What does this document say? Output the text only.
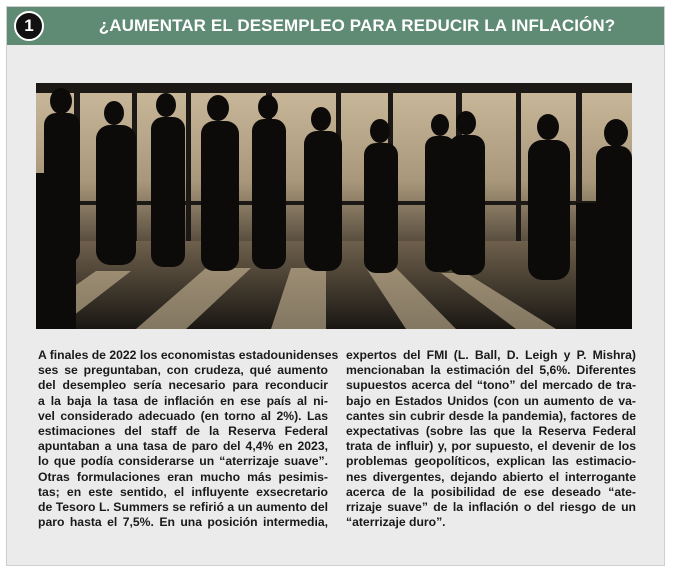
1	¿AUMENTAR EL DESEMPLEO PARA REDUCIR LA INFLACIÓN?
A finales de 2022 los economistas estadounidenses
ses se preguntaban, con crudeza, qué aumento
del desempleo sería necesario para reconducir
a la baja la tasa de inflación en ese país al ni-
vel considerado adecuado (en torno al 2%). Las
estimaciones del staff de la Reserva Federal
apuntaban a una tasa de paro del 4,4% en 2023,
lo que podía considerarse un “aterrizaje suave”.
Otras formulaciones eran mucho más pesimis-
tas; en este sentido, el influyente exsecretario
de Tesoro L. Summers se refirió a un aumento del
paro hasta el 7,5%. En una posición intermedia,
expertos del FMI (L. Ball, D. Leigh y P. Mishra)
mencionaban la estimación del 5,6%. Diferentes
supuestos acerca del “tono” del mercado de tra-
bajo en Estados Unidos (con un aumento de va-
cantes sin cubrir desde la pandemia), factores de
expectativas (sobre las que la Reserva Federal
trata de influir) y, por supuesto, el devenir de los
problemas geopolíticos, explican las estimacio-
nes divergentes, dejando abierto el interrogante
acerca de la posibilidad de ese deseado “ate-
rrizaje suave” de la inflación o del riesgo de un
“aterrizaje duro”.
